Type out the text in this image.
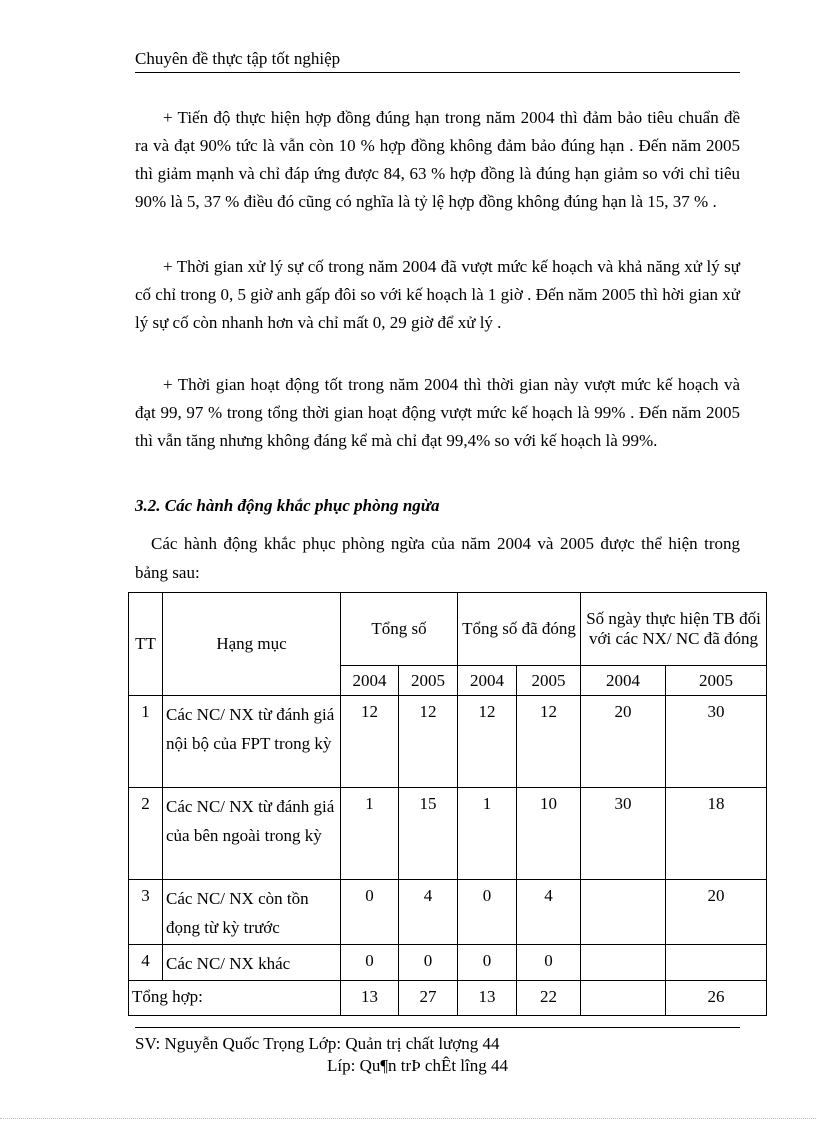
Chuyên đề thực tập tốt nghiệp

+ Tiến độ thực hiện hợp đồng đúng hạn trong năm 2004 thì đảm bảo tiêu chuẩn đề ra và đạt 90% tức là vẫn còn 10 % hợp đồng không đảm bảo đúng hạn . Đến năm 2005 thì giảm mạnh và chỉ đáp ứng được 84, 63 % hợp đồng là đúng hạn giảm so với chỉ tiêu 90% là 5, 37 % điều đó cũng có nghĩa là tỷ lệ hợp đồng không đúng hạn là 15, 37 % .

+ Thời gian xử lý sự cố trong năm 2004 đã vượt mức kế hoạch và khả năng xử lý sự cố chỉ trong 0, 5 giờ anh gấp đôi so với kế hoạch là 1 giờ . Đến năm 2005 thì hời gian xử lý sự cố còn nhanh hơn và chỉ mất 0, 29 giờ để xử lý .

+ Thời gian hoạt động tốt trong năm 2004 thì thời gian này vượt mức kế hoạch và đạt 99, 97 % trong tổng thời gian hoạt động vượt mức kế hoạch là 99% . Đến năm 2005 thì vẫn tăng nhưng không đáng kể mà chỉ đạt 99,4% so với kế hoạch là 99%.

3.2. Các hành động khắc phục phòng ngừa

Các hành động khắc phục phòng ngừa của năm 2004 và 2005 được thể hiện trong bảng sau:

TT	Hạng mục	Tổng số		Tổng số đã đóng		Số ngày thực hiện TB đối với các NX/ NC đã đóng	
		2004	2005	2004	2005	2004	2005
1	Các NC/ NX từ đánh giá nội bộ của FPT trong kỳ	12	12	12	12	20	30
2	Các NC/ NX từ đánh giá của bên ngoài trong kỳ	1	15	1	10	30	18
3	Các NC/ NX còn tồn đọng từ kỳ trước	0	4	0	4		20
4	Các NC/ NX khác	0	0	0	0		
Tổng hợp:		13	27	13	22		26
SV: Nguyễn Quốc Trọng Lớp: Quản trị chất lượng 44
Líp: Qu¶n trÞ chÊt lîng 44
